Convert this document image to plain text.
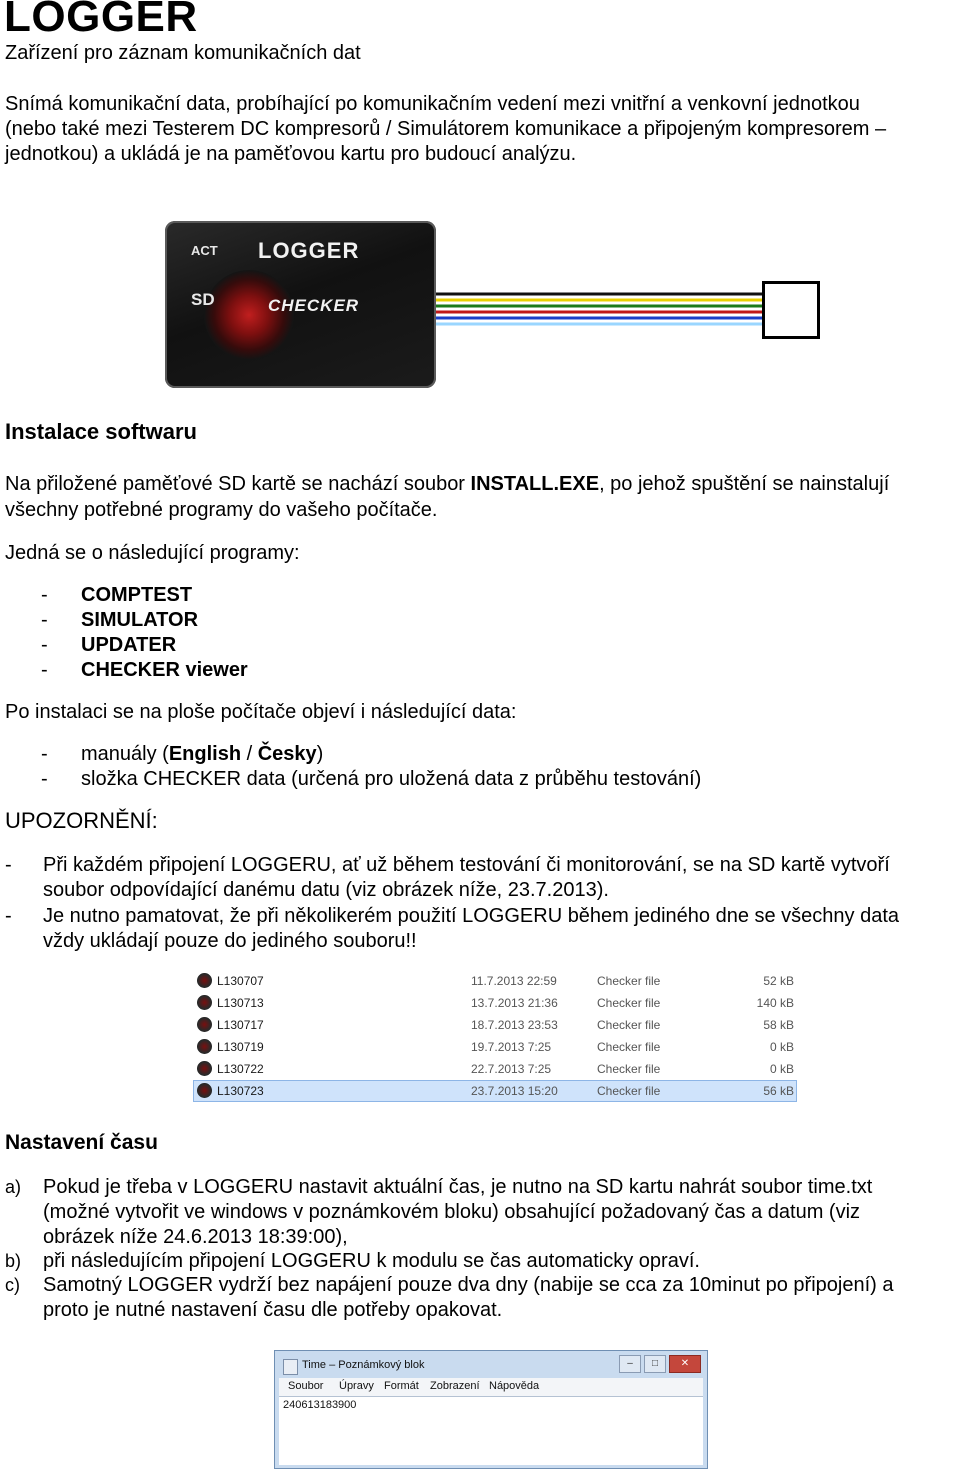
LOGGER
Zařízení pro záznam komunikačních dat
Snímá komunikační data, probíhající po komunikačním vedení mezi vnitřní a venkovní jednotkou
(nebo také mezi Testerem DC kompresorů / Simulátorem komunikace a připojeným kompresorem –
jednotkou) a ukládá je na paměťovou kartu pro budoucí analýzu.
ACT
SD
LOGGER
CHECKER
Instalace softwaru
Na přiložené paměťové SD kartě se nachází soubor INSTALL.EXE, po jehož spuštění se nainstalují
všechny potřebné programy do vašeho počítače.
Jedná se o následující programy:
-	COMPTEST
-	SIMULATOR
-	UPDATER
-	CHECKER viewer
Po instalaci se na ploše počítače objeví i následující data:
-	manuály (English / Česky)
-	složka CHECKER data (určená pro uložená data z průběhu testování)
UPOZORNĚNÍ:
- Při každém připojení LOGGERU, ať už během testování či monitorování, se na SD kartě vytvoří
soubor odpovídající danému datu (viz obrázek níže, 23.7.2013).
- Je nutno pamatovat, že při několikerém použití LOGGERU během jediného dne se všechny data
vždy ukládají pouze do jediného souboru!!
L130707	11.7.2013 22:59	Checker file	52 kB
L130713	13.7.2013 21:36	Checker file	140 kB
L130717	18.7.2013 23:53	Checker file	58 kB
L130719	19.7.2013 7:25	Checker file	0 kB
L130722	22.7.2013 7:25	Checker file	0 kB
L130723	23.7.2013 15:20	Checker file	56 kB
Nastavení času
a) Pokud je třeba v LOGGERU nastavit aktuální čas, je nutno na SD kartu nahrát soubor time.txt
(možné vytvořit ve windows v poznámkovém bloku) obsahující požadovaný čas a datum (viz
obrázek níže 24.6.2013 18:39:00),
b) při následujícím připojení LOGGERU k modulu se čas automaticky opraví.
c) Samotný LOGGER vydrží bez napájení pouze dva dny (nabije se cca za 10minut po připojení) a
proto je nutné nastavení času dle potřeby opakovat.
Time – Poznámkový blok	–	□	✕
Soubor Úpravy Formát Zobrazení Nápověda
240613183900
